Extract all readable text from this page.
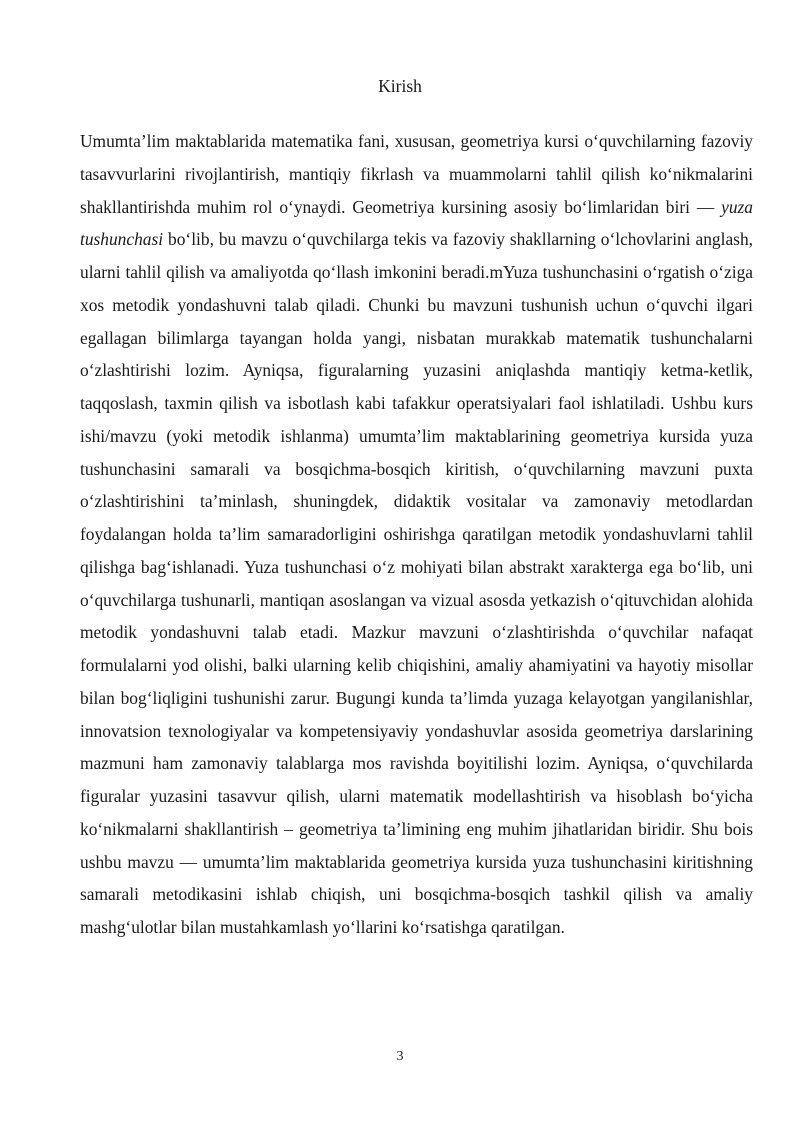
Kirish

Umumta’lim maktablarida matematika fani, xususan, geometriya kursi o‘quvchilarning fazoviy tasavvurlarini rivojlantirish, mantiqiy fikrlash va muammolarni tahlil qilish ko‘nikmalarini shakllantirishda muhim rol o‘ynaydi. Geometriya kursining asosiy bo‘limlaridan biri — yuza tushunchasi bo‘lib, bu mavzu o‘quvchilarga tekis va fazoviy shakllarning o‘lchovlarini anglash, ularni tahlil qilish va amaliyotda qo‘llash imkonini beradi.mYuza tushunchasini o‘rgatish o‘ziga xos metodik yondashuvni talab qiladi. Chunki bu mavzuni tushunish uchun o‘quvchi ilgari egallagan bilimlarga tayangan holda yangi, nisbatan murakkab matematik tushunchalarni o‘zlashtirishi lozim. Ayniqsa, figuralarning yuzasini aniqlashda mantiqiy ketma-ketlik, taqqoslash, taxmin qilish va isbotlash kabi tafakkur operatsiyalari faol ishlatiladi. Ushbu kurs ishi/mavzu (yoki metodik ishlanma) umumta’lim maktablarining geometriya kursida yuza tushunchasini samarali va bosqichma-bosqich kiritish, o‘quvchilarning mavzuni puxta o‘zlashtirishini ta’minlash, shuningdek, didaktik vositalar va zamonaviy metodlardan foydalangan holda ta’lim samaradorligini oshirishga qaratilgan metodik yondashuvlarni tahlil qilishga bag‘ishlanadi. Yuza tushunchasi o‘z mohiyati bilan abstrakt xarakterga ega bo‘lib, uni o‘quvchilarga tushunarli, mantiqan asoslangan va vizual asosda yetkazish o‘qituvchidan alohida metodik yondashuvni talab etadi. Mazkur mavzuni o‘zlashtirishda o‘quvchilar nafaqat formulalarni yod olishi, balki ularning kelib chiqishini, amaliy ahamiyatini va hayotiy misollar bilan bog‘liqligini tushunishi zarur. Bugungi kunda ta’limda yuzaga kelayotgan yangilanishlar, innovatsion texnologiyalar va kompetensiyaviy yondashuvlar asosida geometriya darslarining mazmuni ham zamonaviy talablarga mos ravishda boyitilishi lozim. Ayniqsa, o‘quvchilarda figuralar yuzasini tasavvur qilish, ularni matematik modellashtirish va hisoblash bo‘yicha ko‘nikmalarni shakllantirish – geometriya ta’limining eng muhim jihatlaridan biridir. Shu bois ushbu mavzu — umumta’lim maktablarida geometriya kursida yuza tushunchasini kiritishning samarali metodikasini ishlab chiqish, uni bosqichma-bosqich tashkil qilish va amaliy mashg‘ulotlar bilan mustahkamlash yo‘llarini ko‘rsatishga qaratilgan.

3
